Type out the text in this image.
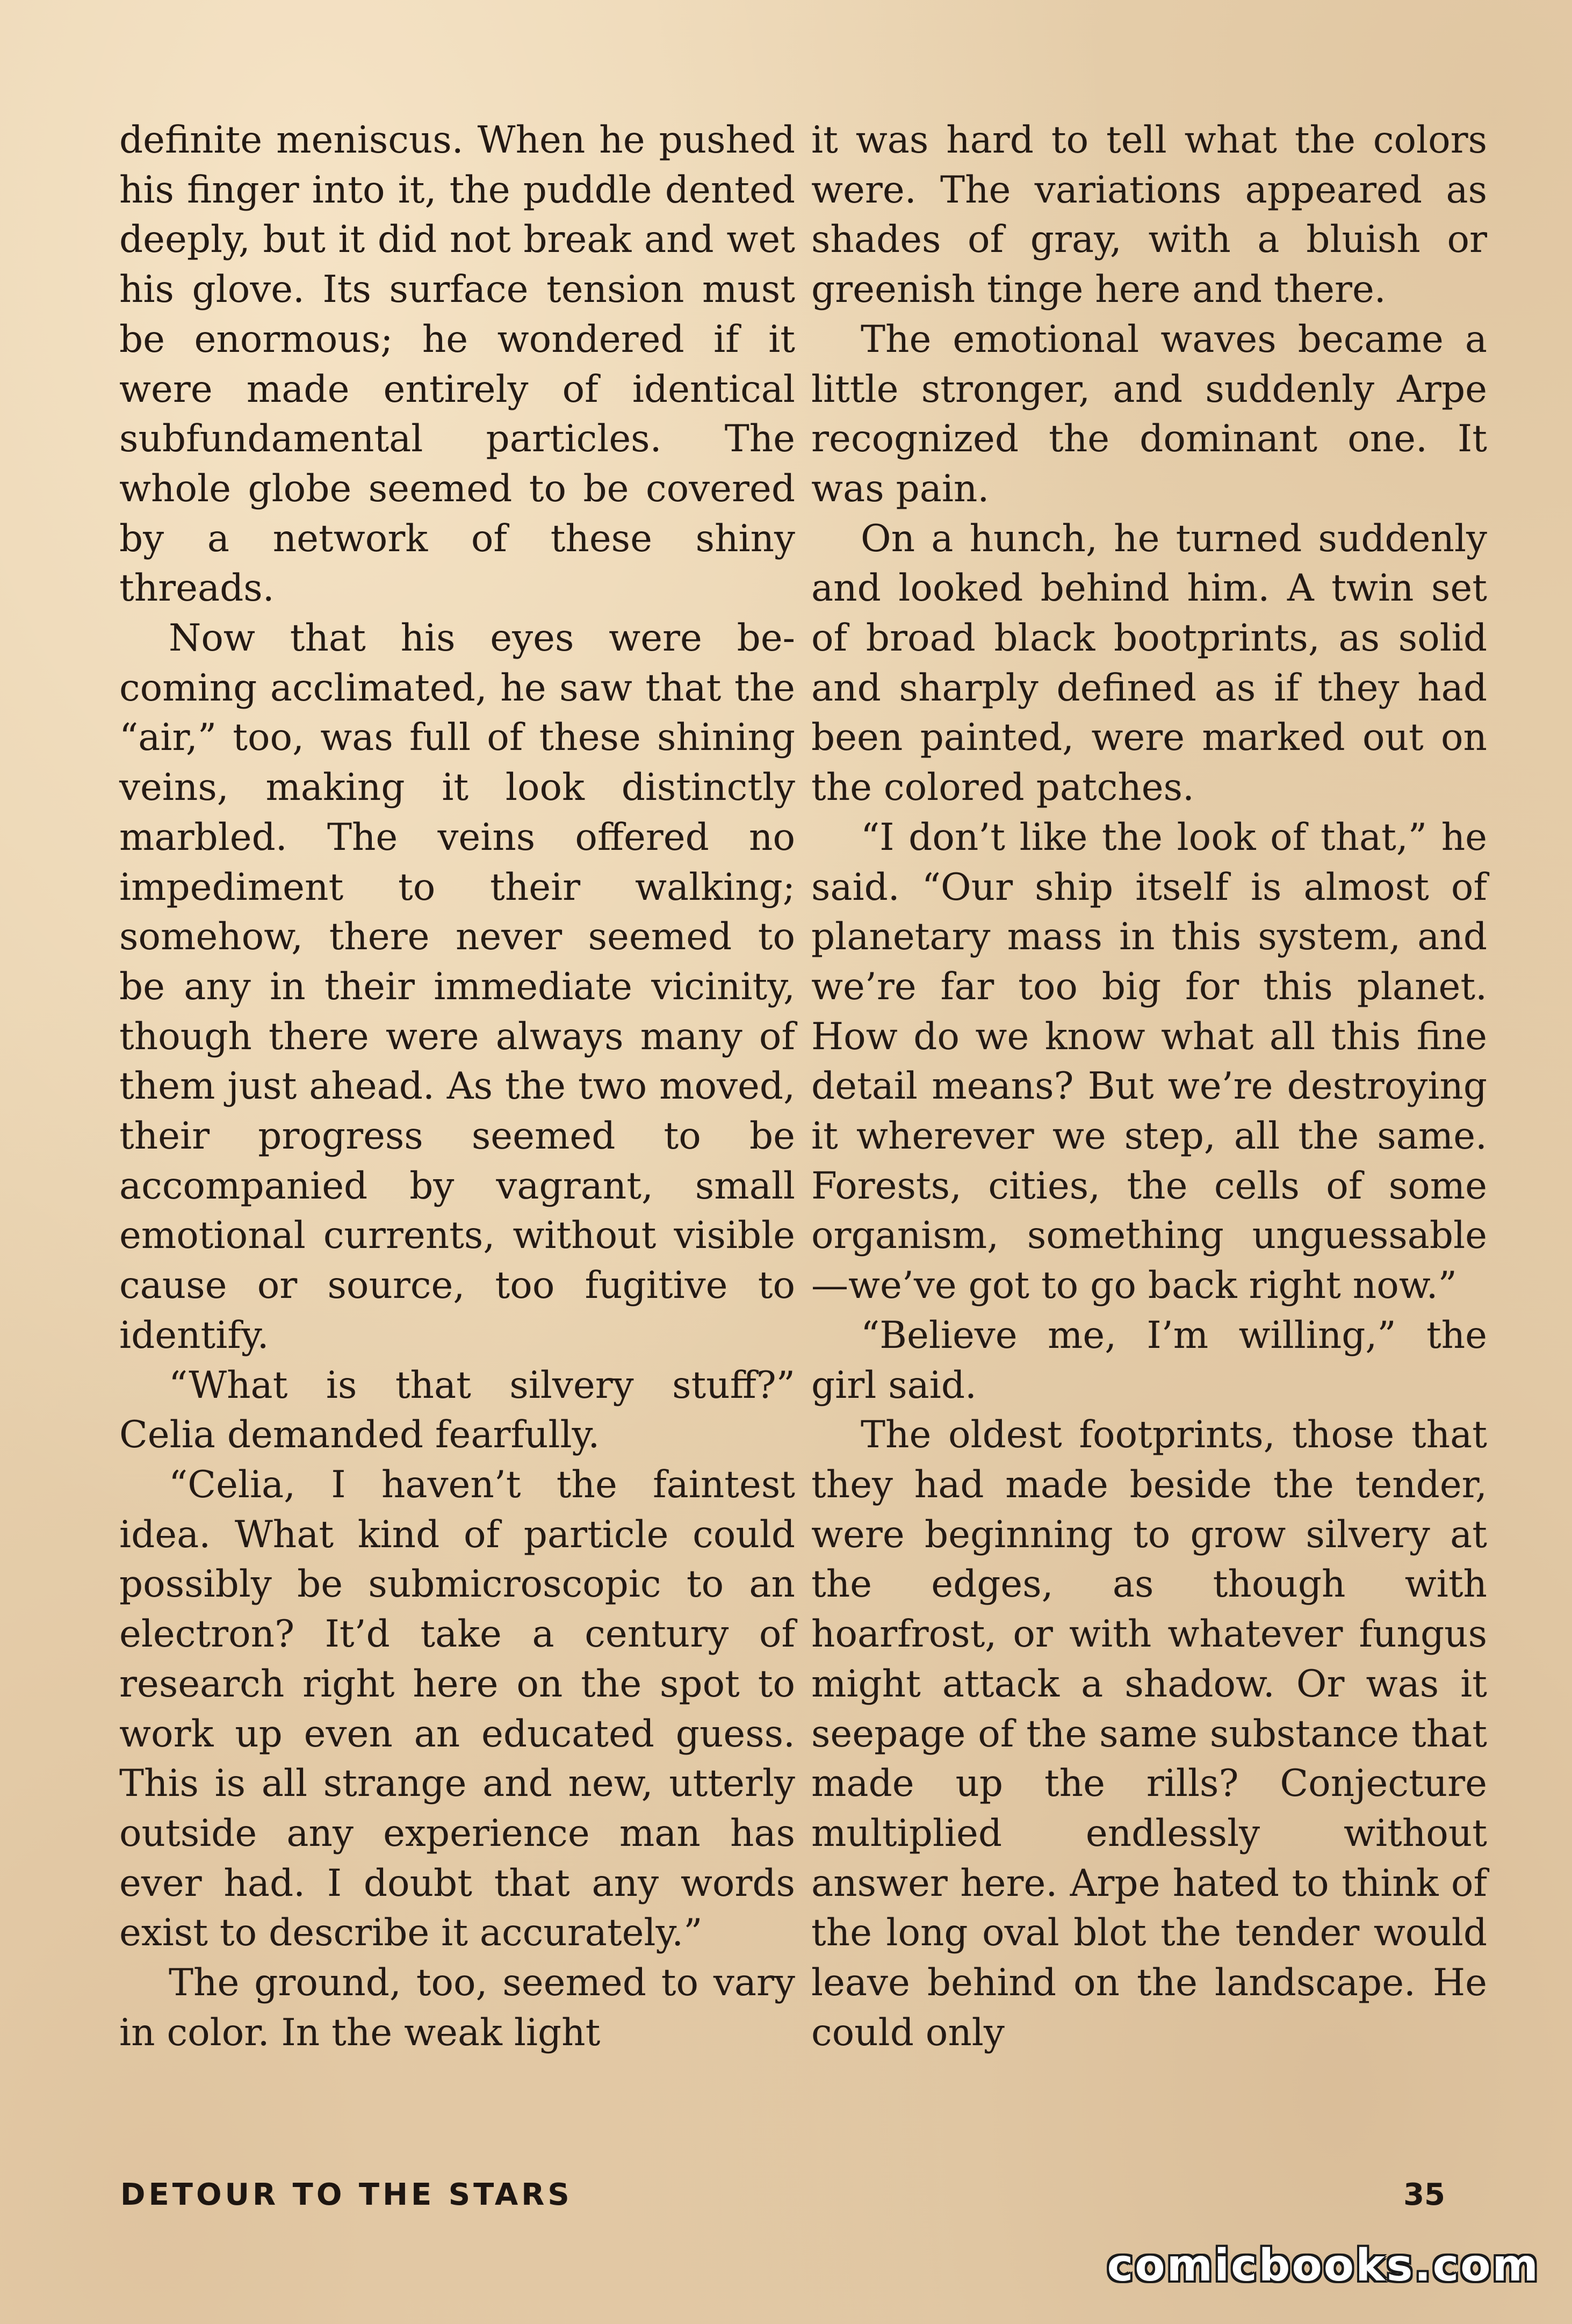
definite meniscus. When he pushed his finger into it, the puddle dented deeply, but it did not break and wet his glove. Its surface tension must be enormous; he wondered if it were made entirely of identical subfundamental particles. The whole globe seemed to be covered by a network of these shiny threads.

Now that his eyes were becoming acclimated, he saw that the “air,” too, was full of these shining veins, making it look distinctly marbled. The veins offered no impediment to their walking; somehow, there never seemed to be any in their immediate vicinity, though there were always many of them just ahead. As the two moved, their progress seemed to be accompanied by vagrant, small emotional currents, without visible cause or source, too fugitive to identify.

“What is that silvery stuff?” Celia demanded fearfully.

“Celia, I haven’t the faintest idea. What kind of particle could possibly be submicroscopic to an electron? It’d take a century of research right here on the spot to work up even an educated guess. This is all strange and new, utterly outside any experience man has ever had. I doubt that any words exist to describe it accurately.”

The ground, too, seemed to vary in color. In the weak light

it was hard to tell what the colors were. The variations appeared as shades of gray, with a bluish or greenish tinge here and there.

The emotional waves became a little stronger, and suddenly Arpe recognized the dominant one. It was pain.

On a hunch, he turned suddenly and looked behind him. A twin set of broad black bootprints, as solid and sharply defined as if they had been painted, were marked out on the colored patches.

“I don’t like the look of that,” he said. “Our ship itself is almost of planetary mass in this system, and we’re far too big for this planet. How do we know what all this fine detail means? But we’re destroying it wherever we step, all the same. Forests, cities, the cells of some organism, something unguessable—we’ve got to go back right now.”

“Believe me, I’m willing,” the girl said.

The oldest footprints, those that they had made beside the tender, were beginning to grow silvery at the edges, as though with hoarfrost, or with whatever fungus might attack a shadow. Or was it seepage of the same substance that made up the rills? Conjecture multiplied endlessly without answer here. Arpe hated to think of the long oval blot the tender would leave behind on the landscape. He could only

DETOUR TO THE STARS	35
comicbooks.com
